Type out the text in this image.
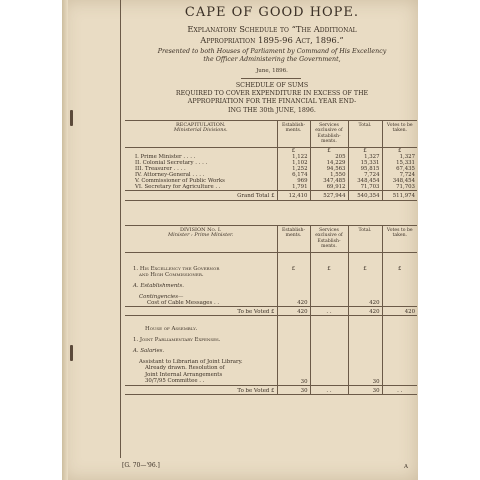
CAPE OF GOOD HOPE.
Explanatory Schedule to “The Additional
Appropriation 1895-96 Act, 1896.”
Presented to both Houses of Parliament by Command of His Excellency
the Officer Administering the Government,
June, 1896.
SCHEDULE OF SUMS
REQUIRED TO COVER EXPENDITURE IN EXCESS OF THE
APPROPRIATION FOR THE FINANCIAL YEAR END-
ING THE 30th JUNE, 1896.
RECAPITULATION.
Ministerial Divisions.	Establish-ments.	Services exclusive of Establish-ments.	Total.	Votes to be taken.
	£	£	£	£
I. Prime Minister . . . .	1,122	205	1,327	1,327
II. Colonial Secretary . . . .	1,102	14,229	15,331	15,331
III. Treasurer . . . .	1,252	94,563	95,815	67,435
IV. Attorney-General . . . .	6,174	1,550	7,724	7,724
V. Commissioner of Public Works	969	347,485	348,454	348,454
VI. Secretary for Agriculture . .	1,791	69,912	71,703	71,703
Grand Total £	12,410	527,944	540,354	511,974
DIVISION No. I.
Minister : Prime Minister.	Establish-ments.	Services exclusive of Establish-ments.	Total.	Votes to be taken.

1. His Excellency the Governor
and High Commissioner.	£	£	£	£

A. Establishments.				

Contingencies—				
Cost of Cable Messages . .	420		420	
To be Voted £	420	. .	420	420

House of Assembly.				

1. Joint Parliamentary Expenses.				

A. Salaries.				

Assistant to Librarian of Joint Library.
Already drawn. Resolution of
Joint Internal Arrangements
30/7/95 Committee . .	30		30	
To be Voted £	30	. .	30	. .
[G. 70—'96.]	A
